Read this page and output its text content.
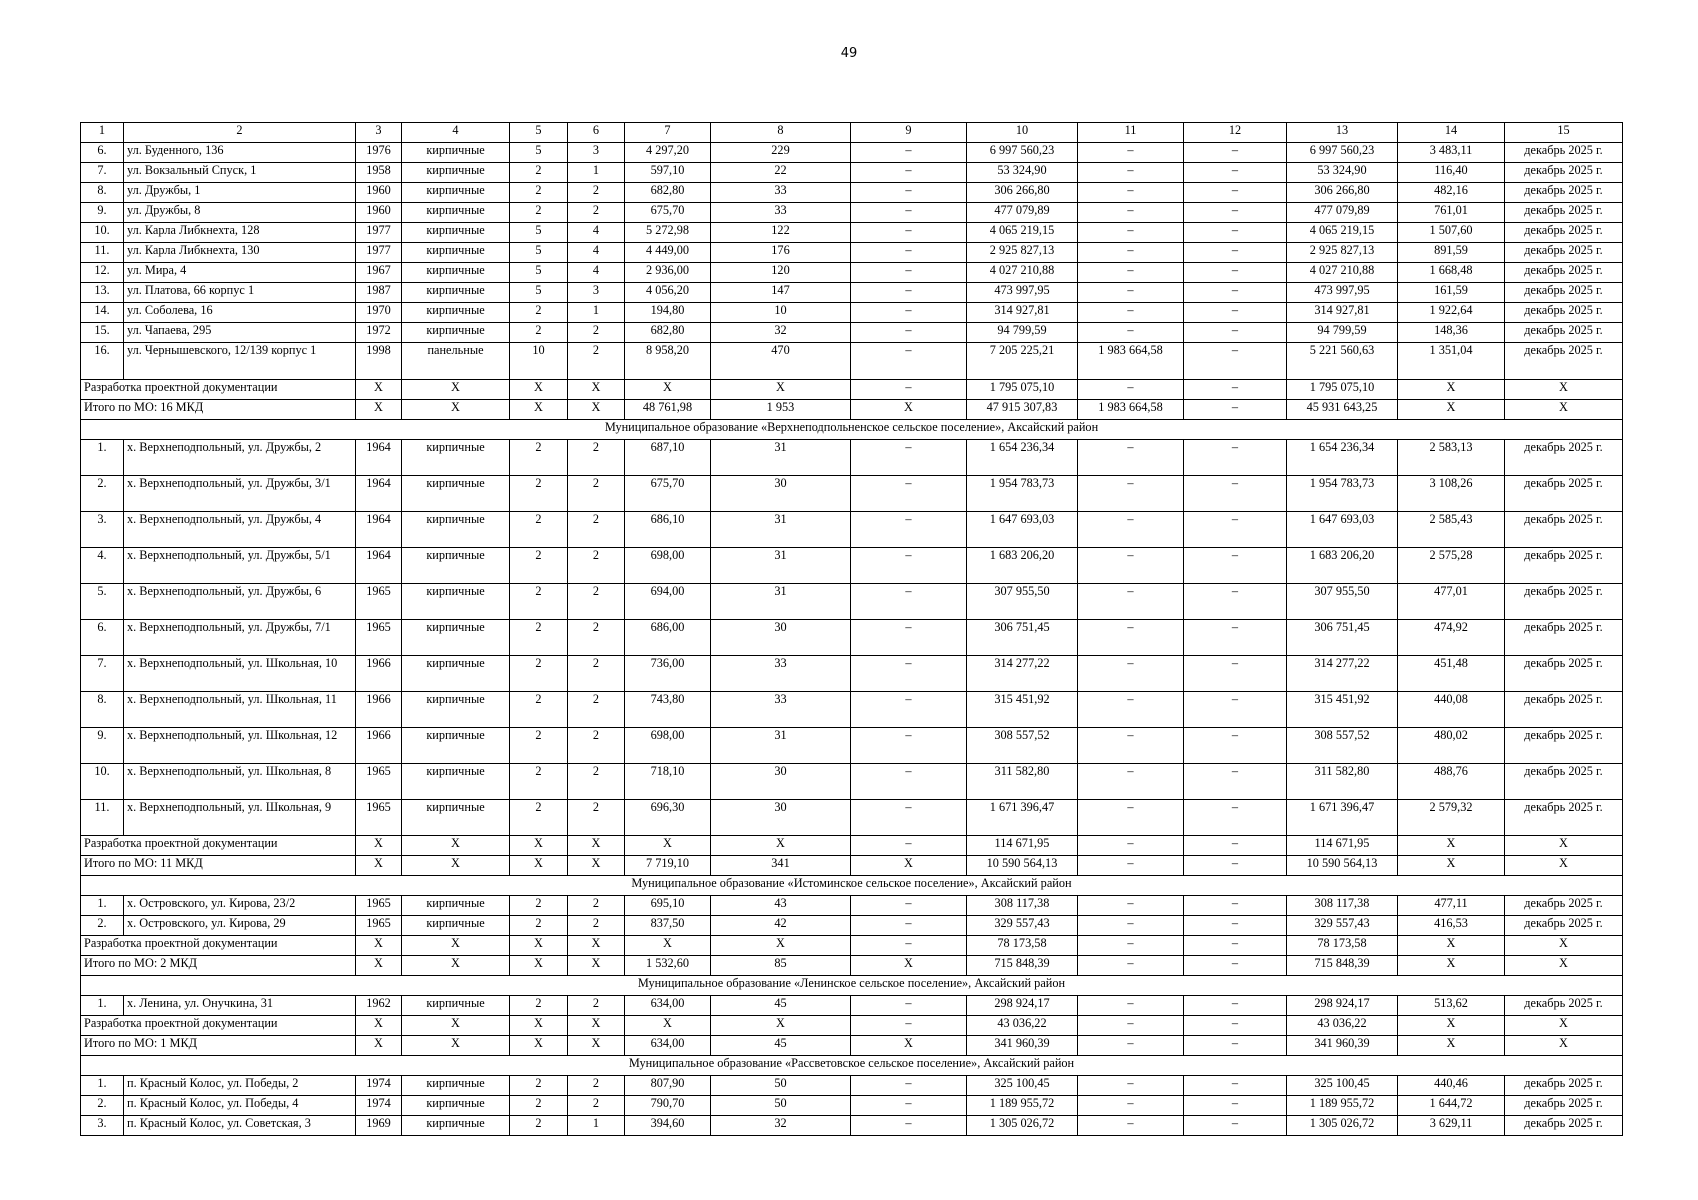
49
1	2	3	4	5	6	7	8	9	10	11	12	13	14	15
6.	ул. Буденного, 136	1976	кирпичные	5	3	4 297,20	229	–	6 997 560,23	–	–	6 997 560,23	3 483,11	декабрь 2025 г.
7.	ул. Вокзальный Спуск, 1	1958	кирпичные	2	1	597,10	22	–	53 324,90	–	–	53 324,90	116,40	декабрь 2025 г.
8.	ул. Дружбы, 1	1960	кирпичные	2	2	682,80	33	–	306 266,80	–	–	306 266,80	482,16	декабрь 2025 г.
9.	ул. Дружбы, 8	1960	кирпичные	2	2	675,70	33	–	477 079,89	–	–	477 079,89	761,01	декабрь 2025 г.
10.	ул. Карла Либкнехта, 128	1977	кирпичные	5	4	5 272,98	122	–	4 065 219,15	–	–	4 065 219,15	1 507,60	декабрь 2025 г.
11.	ул. Карла Либкнехта, 130	1977	кирпичные	5	4	4 449,00	176	–	2 925 827,13	–	–	2 925 827,13	891,59	декабрь 2025 г.
12.	ул. Мира, 4	1967	кирпичные	5	4	2 936,00	120	–	4 027 210,88	–	–	4 027 210,88	1 668,48	декабрь 2025 г.
13.	ул. Платова, 66 корпус 1	1987	кирпичные	5	3	4 056,20	147	–	473 997,95	–	–	473 997,95	161,59	декабрь 2025 г.
14.	ул. Соболева, 16	1970	кирпичные	2	1	194,80	10	–	314 927,81	–	–	314 927,81	1 922,64	декабрь 2025 г.
15.	ул. Чапаева, 295	1972	кирпичные	2	2	682,80	32	–	94 799,59	–	–	94 799,59	148,36	декабрь 2025 г.
16.	ул. Чернышевского, 12/139 корпус 1	1998	панельные	10	2	8 958,20	470	–	7 205 225,21	1 983 664,58	–	5 221 560,63	1 351,04	декабрь 2025 г.
Разработка проектной документации		X	X	X	X	X	X	–	1 795 075,10	–	–	1 795 075,10	X	X
Итого по МО: 16 МКД		X	X	X	X	48 761,98	1 953	X	47 915 307,83	1 983 664,58	–	45 931 643,25	X	X
Муниципальное образование «Верхнеподпольненское сельское поселение», Аксайский район														
1.	х. Верхнеподпольный, ул. Дружбы, 2	1964	кирпичные	2	2	687,10	31	–	1 654 236,34	–	–	1 654 236,34	2 583,13	декабрь 2025 г.
2.	х. Верхнеподпольный, ул. Дружбы, 3/1	1964	кирпичные	2	2	675,70	30	–	1 954 783,73	–	–	1 954 783,73	3 108,26	декабрь 2025 г.
3.	х. Верхнеподпольный, ул. Дружбы, 4	1964	кирпичные	2	2	686,10	31	–	1 647 693,03	–	–	1 647 693,03	2 585,43	декабрь 2025 г.
4.	х. Верхнеподпольный, ул. Дружбы, 5/1	1964	кирпичные	2	2	698,00	31	–	1 683 206,20	–	–	1 683 206,20	2 575,28	декабрь 2025 г.
5.	х. Верхнеподпольный, ул. Дружбы, 6	1965	кирпичные	2	2	694,00	31	–	307 955,50	–	–	307 955,50	477,01	декабрь 2025 г.
6.	х. Верхнеподпольный, ул. Дружбы, 7/1	1965	кирпичные	2	2	686,00	30	–	306 751,45	–	–	306 751,45	474,92	декабрь 2025 г.
7.	х. Верхнеподпольный, ул. Школьная, 10	1966	кирпичные	2	2	736,00	33	–	314 277,22	–	–	314 277,22	451,48	декабрь 2025 г.
8.	х. Верхнеподпольный, ул. Школьная, 11	1966	кирпичные	2	2	743,80	33	–	315 451,92	–	–	315 451,92	440,08	декабрь 2025 г.
9.	х. Верхнеподпольный, ул. Школьная, 12	1966	кирпичные	2	2	698,00	31	–	308 557,52	–	–	308 557,52	480,02	декабрь 2025 г.
10.	х. Верхнеподпольный, ул. Школьная, 8	1965	кирпичные	2	2	718,10	30	–	311 582,80	–	–	311 582,80	488,76	декабрь 2025 г.
11.	х. Верхнеподпольный, ул. Школьная, 9	1965	кирпичные	2	2	696,30	30	–	1 671 396,47	–	–	1 671 396,47	2 579,32	декабрь 2025 г.
Разработка проектной документации		X	X	X	X	X	X	–	114 671,95	–	–	114 671,95	X	X
Итого по МО: 11 МКД		X	X	X	X	7 719,10	341	X	10 590 564,13	–	–	10 590 564,13	X	X
Муниципальное образование «Истоминское сельское поселение», Аксайский район														
1.	х. Островского, ул. Кирова, 23/2	1965	кирпичные	2	2	695,10	43	–	308 117,38	–	–	308 117,38	477,11	декабрь 2025 г.
2.	х. Островского, ул. Кирова, 29	1965	кирпичные	2	2	837,50	42	–	329 557,43	–	–	329 557,43	416,53	декабрь 2025 г.
Разработка проектной документации		X	X	X	X	X	X	–	78 173,58	–	–	78 173,58	X	X
Итого по МО: 2 МКД		X	X	X	X	1 532,60	85	X	715 848,39	–	–	715 848,39	X	X
Муниципальное образование «Ленинское сельское поселение», Аксайский район														
1.	х. Ленина, ул. Онучкина, 31	1962	кирпичные	2	2	634,00	45	–	298 924,17	–	–	298 924,17	513,62	декабрь 2025 г.
Разработка проектной документации		X	X	X	X	X	X	–	43 036,22	–	–	43 036,22	X	X
Итого по МО: 1 МКД		X	X	X	X	634,00	45	X	341 960,39	–	–	341 960,39	X	X
Муниципальное образование «Рассветовское сельское поселение», Аксайский район														
1.	п. Красный Колос, ул. Победы, 2	1974	кирпичные	2	2	807,90	50	–	325 100,45	–	–	325 100,45	440,46	декабрь 2025 г.
2.	п. Красный Колос, ул. Победы, 4	1974	кирпичные	2	2	790,70	50	–	1 189 955,72	–	–	1 189 955,72	1 644,72	декабрь 2025 г.
3.	п. Красный Колос, ул. Советская, 3	1969	кирпичные	2	1	394,60	32	–	1 305 026,72	–	–	1 305 026,72	3 629,11	декабрь 2025 г.
